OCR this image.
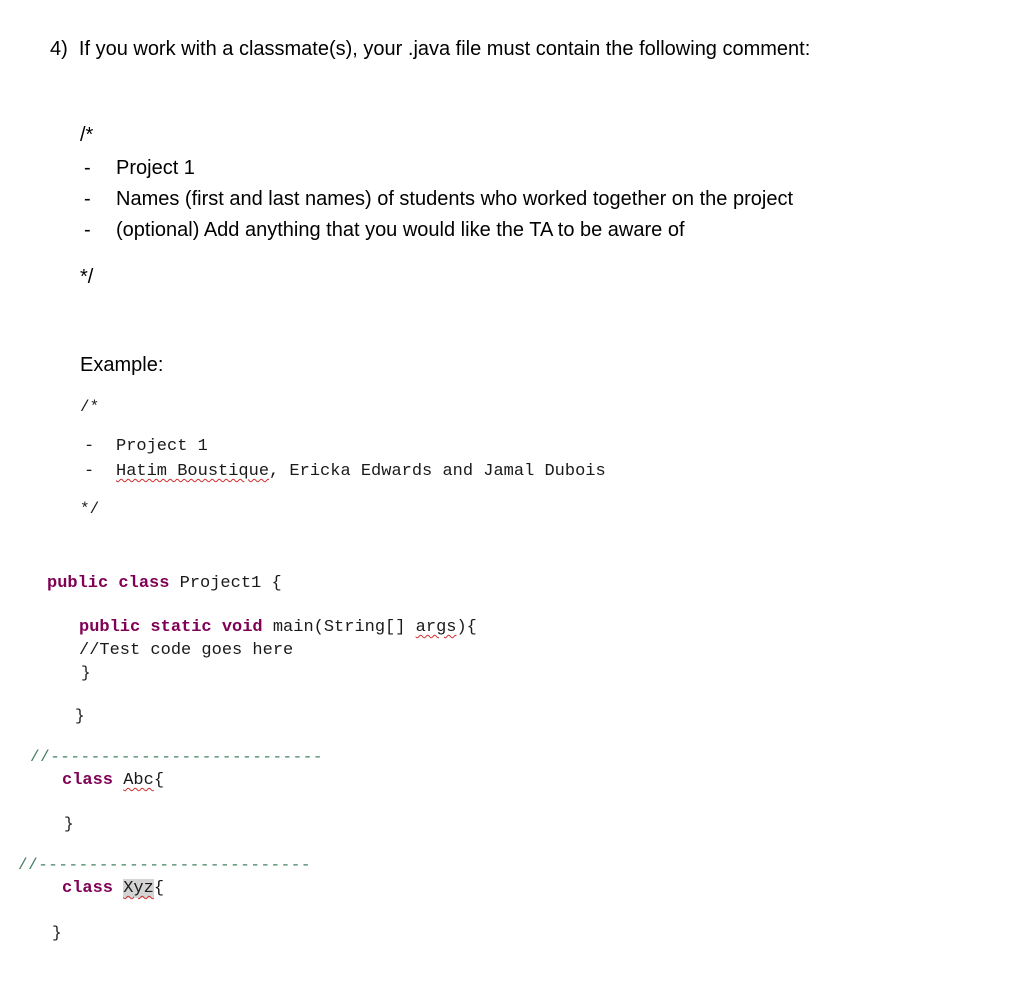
4)  If you work with a classmate(s), your .java file must contain the following comment:
/*
-	Project 1
-	Names (first and last names) of students who worked together on the project
-	(optional) Add anything that you would like the TA to be aware of
*/
Example:
/*
-	Project 1
-	Hatim Boustique, Ericka Edwards and Jamal Dubois
*/
public class Project1 {
public static void main(String[] args){
//Test code goes here
}
}
//---------------------------
class Abc{
}
//---------------------------
class Xyz{
}
